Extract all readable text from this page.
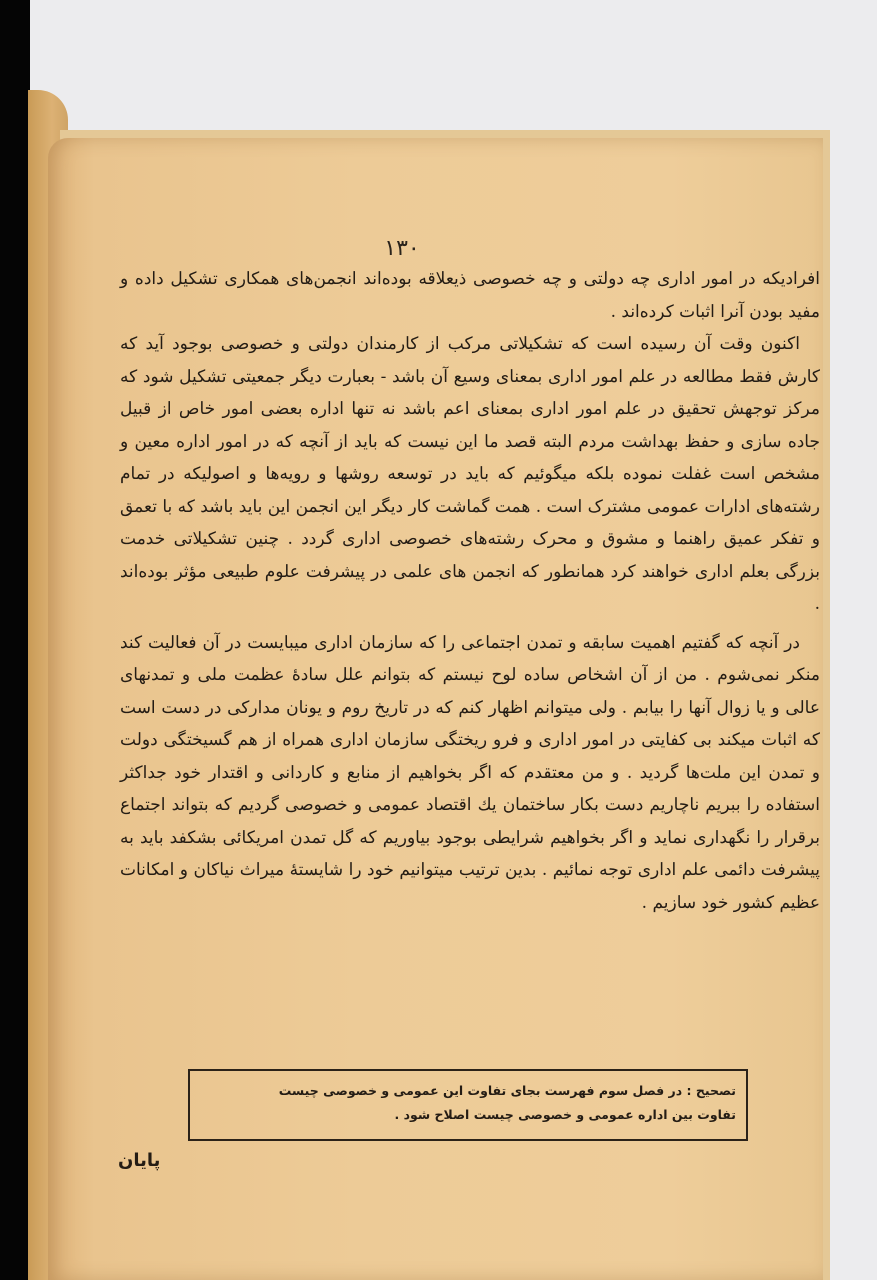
۱۳۰

افرادیکه در امور اداری چه دولتی و چه خصوصی ذیعلاقه بوده‌اند انجمن‌های همکاری تشکیل داده و مفید بودن آنرا اثبات کرده‌اند .

اکنون وقت آن رسیده است که تشکیلاتی مرکب از کارمندان دولتی و خصوصی بوجود آید که کارش فقط مطالعه در علم امور اداری بمعنای وسیع آن باشد - بعبارت دیگر جمعیتی تشکیل شود که مرکز توجهش تحقیق در علم امور اداری بمعنای اعم باشد نه تنها اداره بعضی امور خاص از قبیل جاده سازی و حفظ بهداشت مردم البته قصد ما این نیست که باید از آنچه که در امور اداره معین و مشخص است غفلت نموده بلکه میگوئیم که باید در توسعه روشها و رویه‌ها و اصولیکه در تمام رشته‌های ادارات عمومی مشترک است . همت گماشت کار دیگر این انجمن این باید باشد که با تعمق و تفکر عمیق راهنما و مشوق و محرک رشته‌های خصوصی اداری گردد . چنین تشکیلاتی خدمت بزرگی بعلم اداری خواهند کرد همانطور که انجمن های علمی در پیشرفت علوم طبیعی مؤثر بوده‌اند .

در آنچه که گفتیم اهمیت سابقه و تمدن اجتماعی را که سازمان اداری میبایست در آن فعالیت کند منکر نمی‌شوم . من از آن اشخاص ساده لوح نیستم که بتوانم علل سادهٔ عظمت ملی و تمدنهای عالی و یا زوال آنها را بیابم . ولی میتوانم اظهار کنم که در تاریخ روم و یونان مدارکی در دست است که اثبات میکند بی کفایتی در امور اداری و فرو ریختگی سازمان اداری همراه از هم گسیختگی دولت و تمدن این ملت‌ها گردید . و من معتقدم که اگر بخواهیم از منابع و کاردانی و اقتدار خود جداکثر استفاده را ببریم ناچاریم دست بکار ساختمان یك اقتصاد عمومی و خصوصی گردیم که بتواند اجتماع برقرار را نگهداری نماید و اگر بخواهیم شرایطی بوجود بیاوریم که گل تمدن امریکائی بشکفد باید به پیشرفت دائمی علم اداری توجه نمائیم . بدین ترتیب میتوانیم خود را شایستهٔ میراث نیاکان و امکانات عظیم کشور خود سازیم .

تصحیح : در فصل سوم فهرست بجای تفاوت این عمومی و خصوصی چیست
تفاوت بین اداره عمومی و خصوصی چیست اصلاح شود .
پایان
